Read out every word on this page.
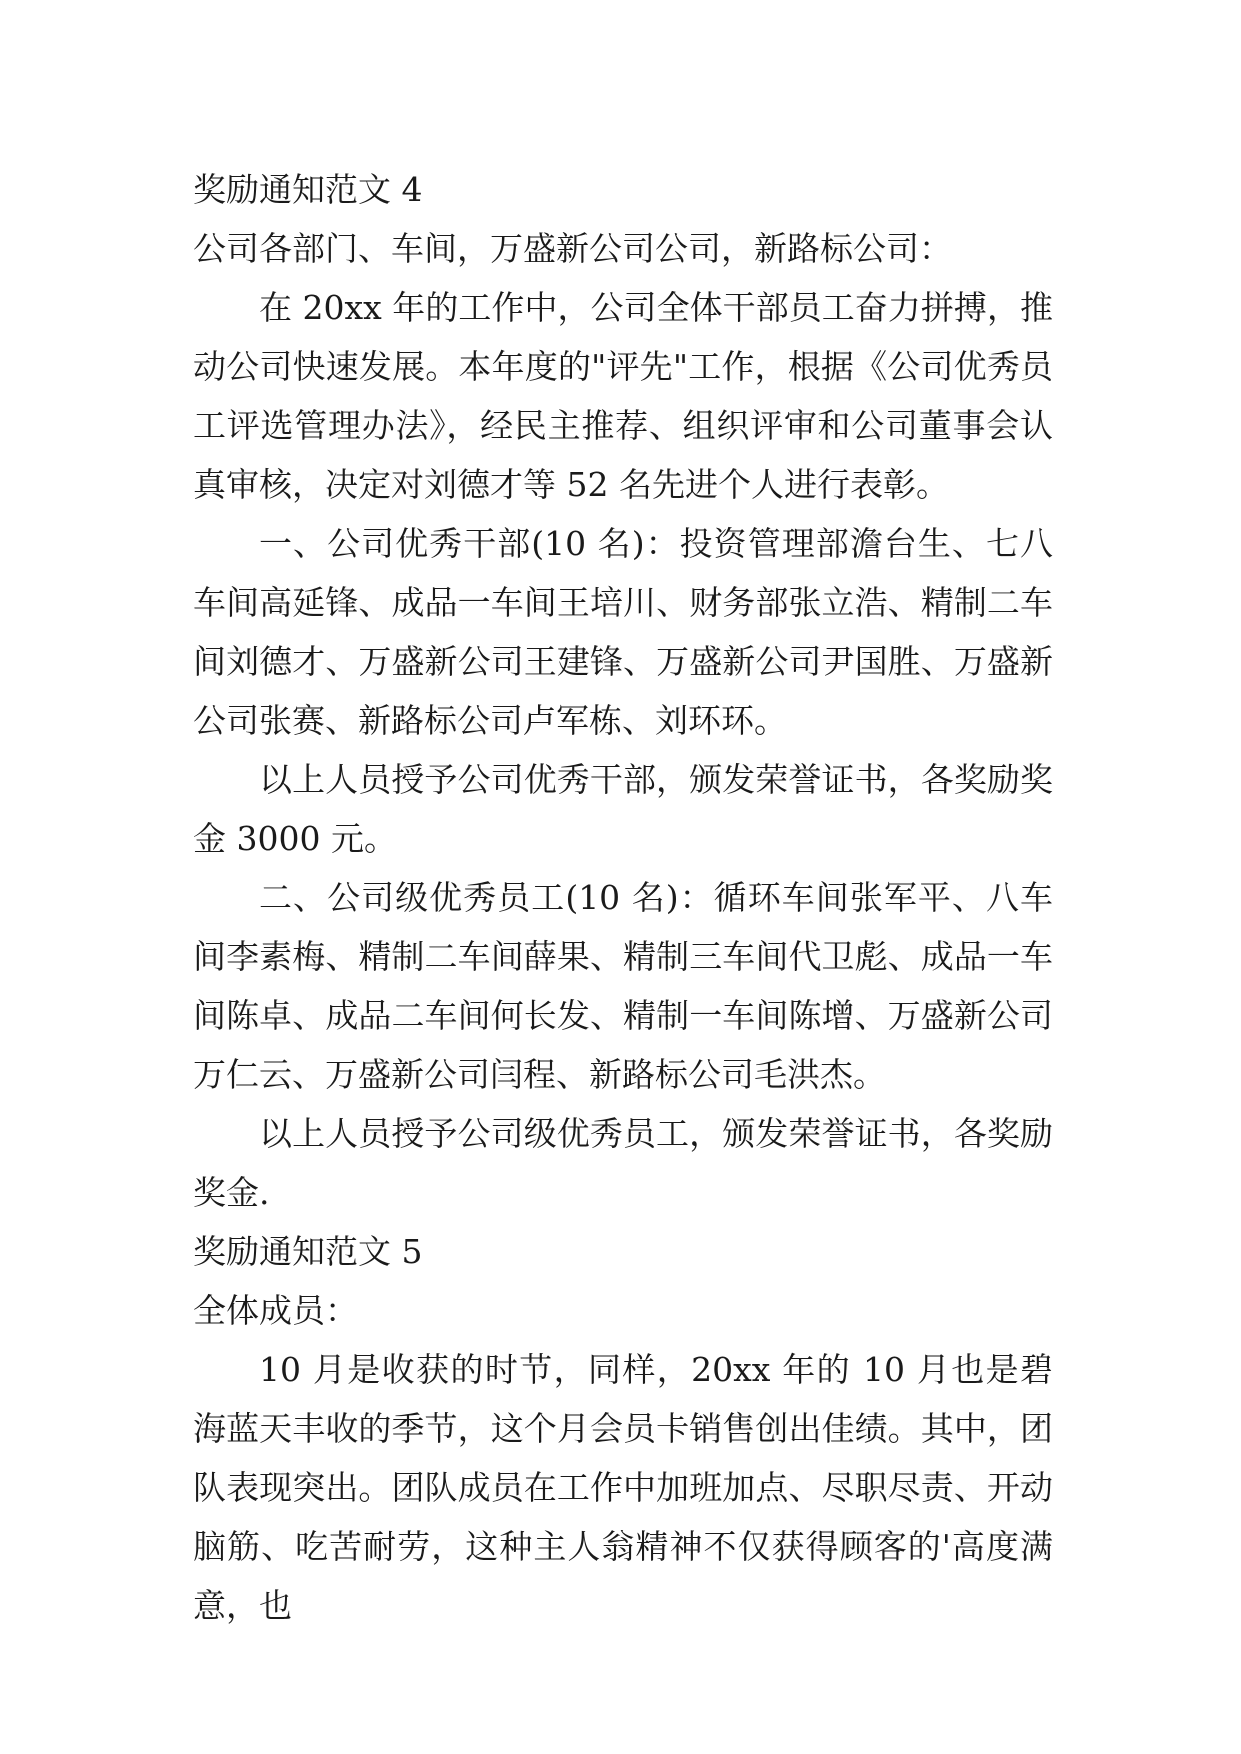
奖励通知范文 4

公司各部门、车间，万盛新公司公司，新路标公司：

在 20xx 年的工作中，公司全体干部员工奋力拼搏，推动公司快速发展。本年度的"评先"工作，根据《公司优秀员工评选管理办法》，经民主推荐、组织评审和公司董事会认真审核，决定对刘德才等 52 名先进个人进行表彰。

一、公司优秀干部(10 名)：投资管理部澹台生、七八车间高延锋、成品一车间王培川、财务部张立浩、精制二车间刘德才、万盛新公司王建锋、万盛新公司尹国胜、万盛新公司张赛、新路标公司卢军栋、刘环环。

以上人员授予公司优秀干部，颁发荣誉证书，各奖励奖金 3000 元。

二、公司级优秀员工(10 名)：循环车间张军平、八车间李素梅、精制二车间薛果、精制三车间代卫彪、成品一车间陈卓、成品二车间何长发、精制一车间陈增、万盛新公司万仁云、万盛新公司闫程、新路标公司毛洪杰。

以上人员授予公司级优秀员工，颁发荣誉证书，各奖励奖金.

奖励通知范文 5

全体成员：

10 月是收获的时节，同样，20xx 年的 10 月也是碧海蓝天丰收的季节，这个月会员卡销售创出佳绩。其中，团队表现突出。团队成员在工作中加班加点、尽职尽责、开动脑筋、吃苦耐劳，这种主人翁精神不仅获得顾客的'高度满意，也
